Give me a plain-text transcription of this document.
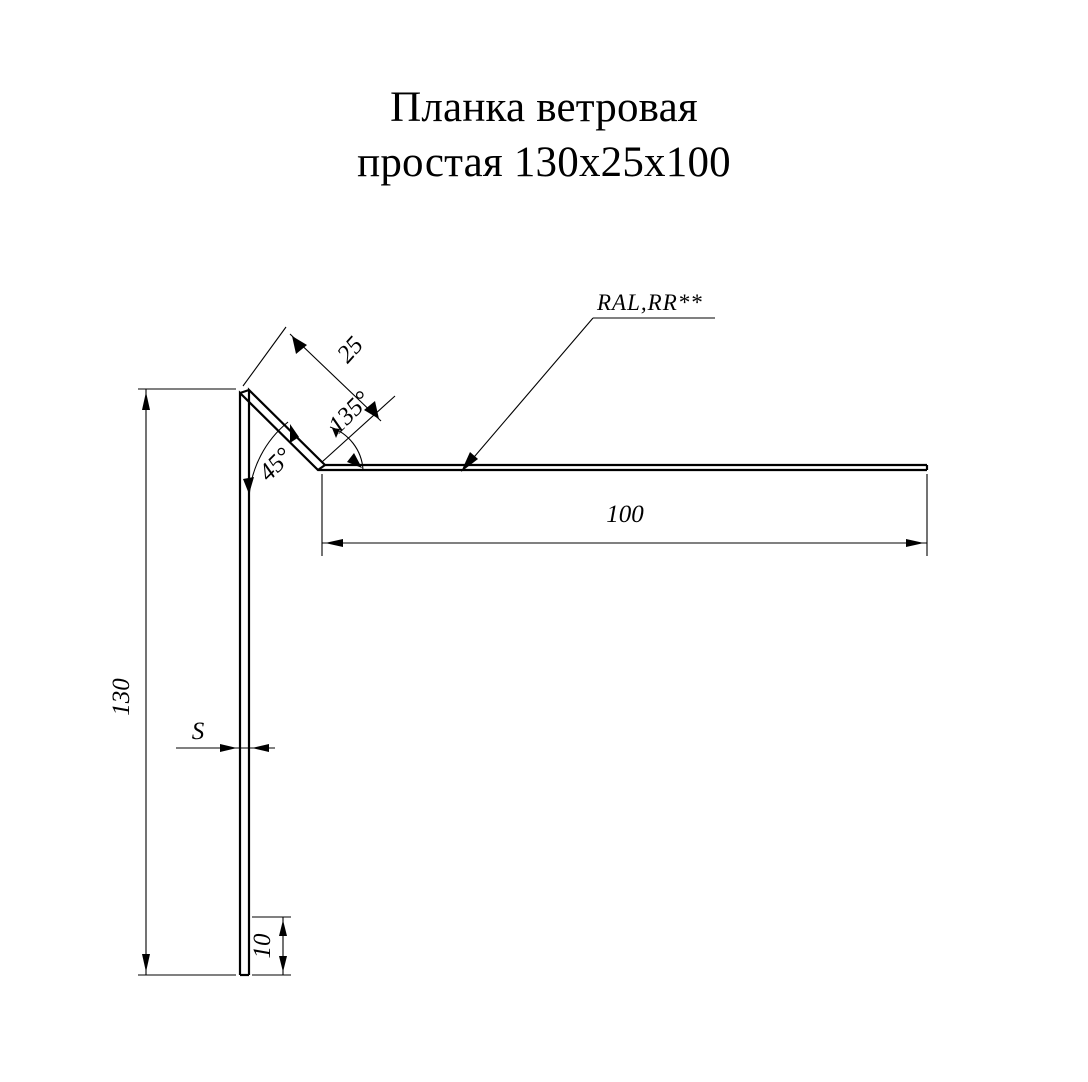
Планка ветровая
простая 130x25x100
130
S
10
25
100
45°
135°
RAL,RR**
